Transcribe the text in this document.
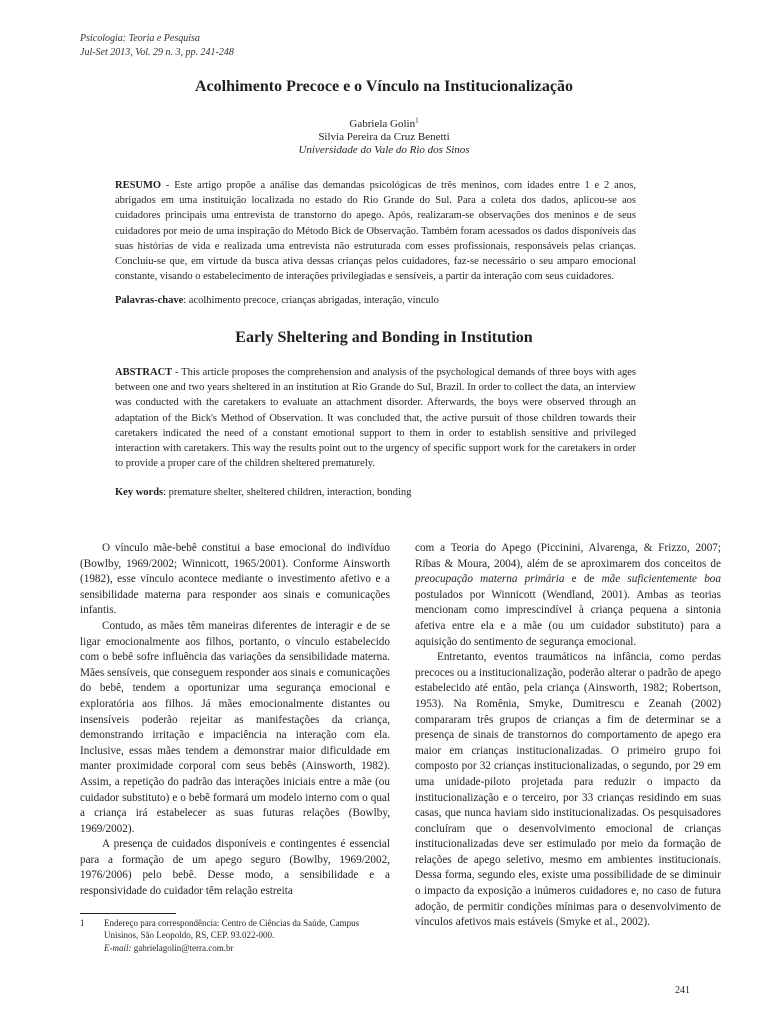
Psicologia: Teoria e Pesquisa
Jul-Set 2013, Vol. 29 n. 3, pp. 241-248
Acolhimento Precoce e o Vínculo na Institucionalização
Gabriela Golin$^1$
Silvia Pereira da Cruz Benetti
Universidade do Vale do Rio dos Sinos
RESUMO - Este artigo propõe a análise das demandas psicológicas de três meninos, com idades entre 1 e 2 anos, abrigados em uma instituição localizada no estado do Rio Grande do Sul. Para a coleta dos dados, aplicou-se aos cuidadores principais uma entrevista de transtorno do apego. Após, realizaram-se observações dos meninos e de seus cuidadores por meio de uma inspiração do Método Bick de Observação. Também foram acessados os dados disponíveis das suas histórias de vida e realizada uma entrevista não estruturada com esses profissionais, responsáveis pelas crianças. Concluiu-se que, em virtude da busca ativa dessas crianças pelos cuidadores, faz-se necessário o seu amparo emocional constante, visando o estabelecimento de interações privilegiadas e sensíveis, a partir da interação com seus cuidadores.
Palavras-chave: acolhimento precoce, crianças abrigadas, interação, vínculo
Early Sheltering and Bonding in Institution
ABSTRACT - This article proposes the comprehension and analysis of the psychological demands of three boys with ages between one and two years sheltered in an institution at Rio Grande do Sul, Brazil. In order to collect the data, an interview was conducted with the caretakers to evaluate an attachment disorder. Afterwards, the boys were observed through an adaptation of the Bick's Method of Observation. It was concluded that, the active pursuit of those children towards their caretakers indicated the need of a constant emotional support to them in order to establish sensitive and privileged interaction with caretakers. This way the results point out to the urgency of specific support work for the caretakers in order to provide a proper care of the children sheltered prematurely.
Key words: premature shelter, sheltered children, interaction, bonding

O vínculo mãe-bebê constitui a base emocional do indivíduo (Bowlby, 1969/2002; Winnicott, 1965/2001). Conforme Ainsworth (1982), esse vínculo acontece mediante o investimento afetivo e a sensibilidade materna para responder aos sinais e comunicações infantis.

Contudo, as mães têm maneiras diferentes de interagir e de se ligar emocionalmente aos filhos, portanto, o vínculo estabelecido com o bebê sofre influência das variações da sensibilidade materna. Mães sensíveis, que conseguem responder aos sinais e comunicações do bebê, tendem a oportunizar uma segurança emocional e exploratória aos filhos. Já mães emocionalmente distantes ou insensíveis poderão rejeitar as manifestações da criança, demonstrando irritação e impaciência na interação com ela. Inclusive, essas mães tendem a demonstrar maior dificuldade em manter proximidade corporal com seus bebês (Ainsworth, 1982). Assim, a repetição do padrão das interações iniciais entre a mãe (ou cuidador substituto) e o bebê formará um modelo interno com o qual a criança irá estabelecer as suas futuras relações (Bowlby, 1969/2002).

A presença de cuidados disponíveis e contingentes é essencial para a formação de um apego seguro (Bowlby, 1969/2002, 1976/2006) pelo bebê. Desse modo, a sensibilidade e a responsividade do cuidador têm relação estreita

com a Teoria do Apego (Piccinini, Alvarenga, & Frizzo, 2007; Ribas & Moura, 2004), além de se aproximarem dos conceitos de preocupação materna primária e de mãe suficientemente boa postulados por Winnicott (Wendland, 2001). Ambas as teorias mencionam como imprescindível à criança pequena a sintonia afetiva entre ela e a mãe (ou um cuidador substituto) para a aquisição do sentimento de segurança emocional.

Entretanto, eventos traumáticos na infância, como perdas precoces ou a institucionalização, poderão alterar o padrão de apego estabelecido até então, pela criança (Ainsworth, 1982; Robertson, 1953). Na Romênia, Smyke, Dumitrescu e Zeanah (2002) compararam três grupos de crianças a fim de determinar se a presença de sinais de transtornos do comportamento de apego era maior em crianças institucionalizadas. O primeiro grupo foi composto por 32 crianças institucionalizadas, o segundo, por 29 em uma unidade-piloto projetada para reduzir o impacto da institucionalização e o terceiro, por 33 crianças residindo em suas casas, que nunca haviam sido institucionalizadas. Os pesquisadores concluíram que o desenvolvimento emocional de crianças institucionalizadas deve ser estimulado por meio da formação de relações de apego seletivo, mesmo em ambientes institucionais. Dessa forma, segundo eles, existe uma possibilidade de se diminuir o impacto da exposição a inúmeros cuidadores e, no caso de futura adoção, de permitir condições mínimas para o desenvolvimento de vínculos afetivos mais estáveis (Smyke et al., 2002).

1 Endereço para correspondência: Centro de Ciências da Saúde, Campus Unisinos, São Leopoldo, RS, CEP. 93.022-000.
E-mail: gabrielagolin@terra.com.br
241
